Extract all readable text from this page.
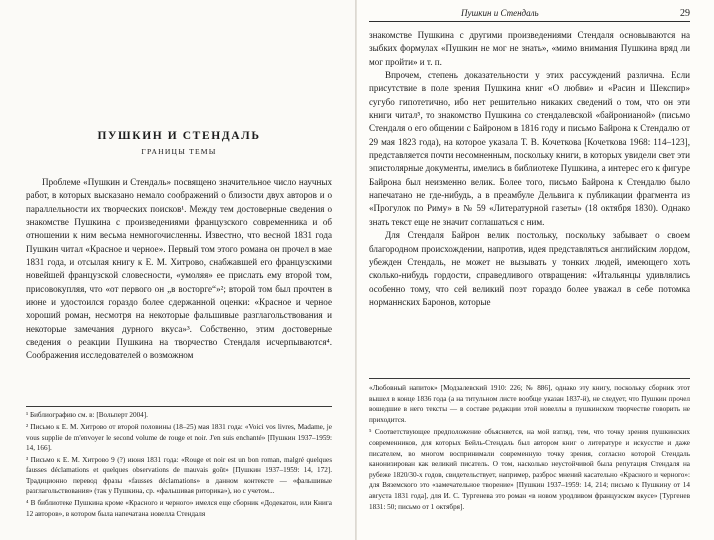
ПУШКИН И СТЕНДАЛЬ
ГРАНИЦЫ ТЕМЫ

Проблеме «Пушкин и Стендаль» посвящено значительное число научных работ, в которых высказано немало соображений о близости двух авторов и о параллельности их творческих поисков¹. Между тем достоверные сведения о знакомстве Пушкина с произведениями французского современника и об отношении к ним весьма немногочисленны. Известно, что весной 1831 года Пушкин читал «Красное и черное». Первый том этого романа он прочел в мае 1831 года, и отсылая книгу к Е. М. Хитрово, снабжавшей его французскими новейшей французской словесности, «умоляя» ее прислать ему второй том, присовокупляя, что «от первого он „в восторге“»²; второй том был прочтен в июне и удостоился гораздо более сдержанной оценки: «Красное и черное хороший роман, несмотря на некоторые фальшивые разглагольствования и некоторые замечания дурного вкуса»³. Собственно, этим достоверные сведения о реакции Пушкина на творчество Стендаля исчерпываются⁴. Соображения исследователей о возможном

¹ Библиографию см. в: [Вольперт 2004].

² Письмо к Е. М. Хитрово от второй половины (18–25) мая 1831 года: «Voici vos livres, Madame, je vous supplie de m'envoyer le second volume de rouge et noir. J'en suis enchanté» [Пушкин 1937–1959: 14, 166].

³ Письмо к Е. М. Хитрово 9 (?) июня 1831 года: «Rouge et noir est un bon roman, malgré quelques fausses déclamations et quelques observations de mauvais goût» [Пушкин 1937–1959: 14, 172]. Традиционно перевод фразы «fausses déclamations» в данном контексте — «фальшивые разглагольствования» (так у Пушкина, ср. «фальшивая риторика»), но с учетом...

⁴ В библиотеке Пушкина кроме «Красного и черного» имелся еще сборник «Додекатон, или Книга 12 авторов», в котором была напечатана новелла Стендаля

Пушкин и Стендаль	29

знакомстве Пушкина с другими произведениями Стендаля основываются на зыбких формулах «Пушкин не мог не знать», «мимо внимания Пушкина вряд ли мог пройти» и т. п.

Впрочем, степень доказательности у этих рассуждений различна. Если присутствие в поле зрения Пушкина книг «О любви» и «Расин и Шекспир» сугубо гипотетично, ибо нет решительно никаких сведений о том, что он эти книги читал⁵, то знакомство Пушкина со стендалевской «байронианой» (письмо Стендаля о его общении с Байроном в 1816 году и письмо Байрона к Стендалю от 29 мая 1823 года), на которое указала Т. В. Кочеткова [Кочеткова 1968: 114–123], представляется почти несомненным, поскольку книги, в которых увидели свет эти эпистолярные документы, имелись в библиотеке Пушкина, а интерес его к фигуре Байрона был неизменно велик. Более того, письмо Байрона к Стендалю было напечатано не где-нибудь, а в преамбуле Дельвига к публикации фрагмента из «Прогулок по Риму» в № 59 «Литературной газеты» (18 октября 1830). Однако знать текст еще не значит соглашаться с ним.

Для Стендаля Байрон велик постольку, поскольку забывает о своем благородном происхождении, напротив, идея представляться английским лордом, убежден Стендаль, не может не вызывать у тонких людей, имеющего хоть сколько-нибудь гордости, справедливого отвращения: «Итальянцы удивлялись особенно тому, что сей великий поэт гораздо более уважал в себе потомка норманнских Баронов, которые

«Любовный напиток» [Модзалевский 1910: 226; № 886], однако эту книгу, поскольку сборник этот вышел в конце 1836 года (а на титульном листе вообще указан 1837-й), не следует, что Пушкин прочел вошедшие в него тексты — в составе редакции этой новеллы в пушкинском творчестве говорить не приходится.

⁵ Соответствующее предположение объясняется, на мой взгляд, тем, что точку зрения пушкинских современников, для которых Бейль-Стендаль был автором книг о литературе и искусстве и даже писателем, во многом воспринимали современную точку зрения, согласно которой Стендаль канонизирован как великий писатель. О том, насколько неустойчивой была репутация Стендаля на рубеже 1820/30-х годов, свидетельствует, например, разброс мнений касательно «Красного и черного»: для Вяземского это «замечательное творение» [Пушкин 1937–1959: 14, 214; письмо к Пушкину от 14 августа 1831 года], для И. С. Тургенева это роман «в новом уродливом французском вкусе» [Тургенев 1831: 50; письмо от 1 октября].
